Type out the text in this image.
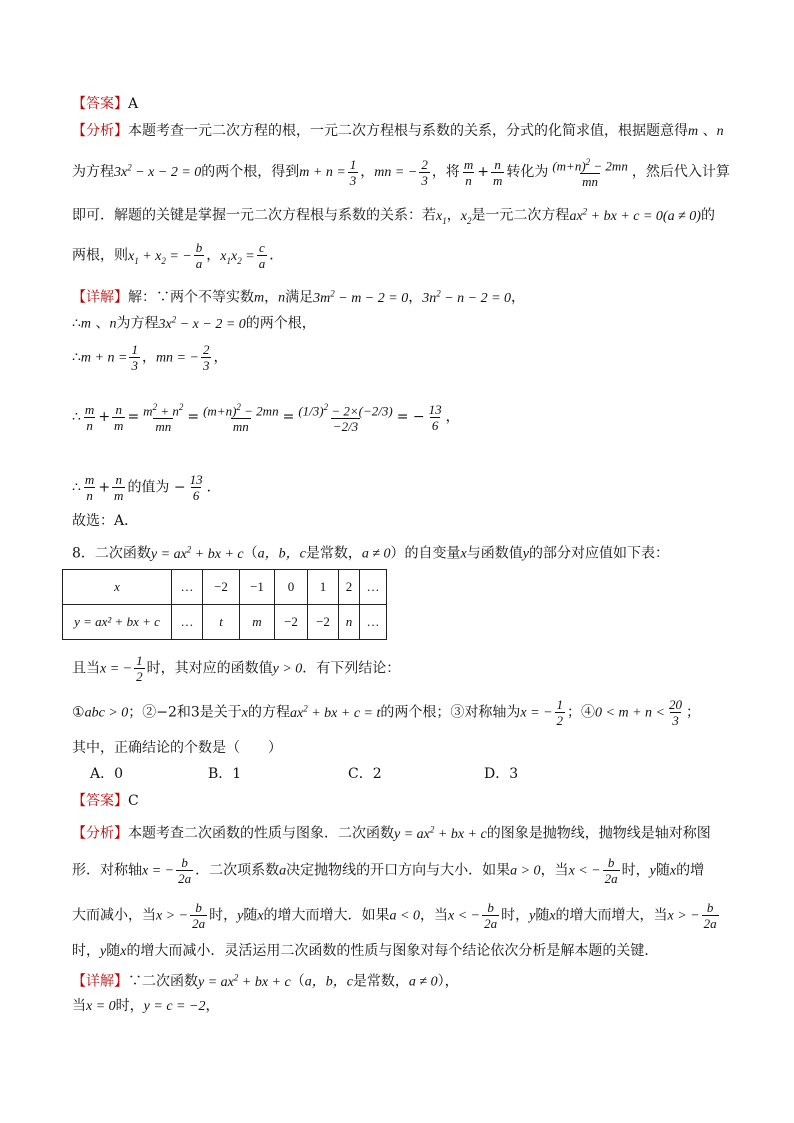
【答案】A
【分析】本题考查一元二次方程的根，一元二次方程根与系数的关系，分式的化简求值，根据题意得m 、n
为方程$3x^2 - x - 2 = 0$的两个根，得到$m + n = \frac{1}{3}$ ，mn = − $\frac{2}{3}$ ，将 $\frac{m}{n} + \frac{n}{m}$ 转化为 $\frac{(m+n)^2 - 2mn}{mn}$ ，然后代入计算
即可．解题的关键是掌握一元二次方程根与系数的关系：若$x_1$，$x_2$是一元二次方程$ax^2$ + bx + c = 0(a ≠ 0)的
两根，则$x_1 + x_2$ = − $\frac{b}{a}$ ，$x_1x_2 = \frac{c}{a}$ ．
【详解】解：∵两个不等实数m，n满足$3m^2 - m - 2 = 0$，$3n^2 - n - 2 = 0$，
∴m 、n为方程$3x^2 - x - 2 = 0$的两个根，
∴m + $n = \frac{1}{3}$ ，mn = − $\frac{2}{3}$ ，
∴ $\frac{m}{n} + \frac{n}{m} = \frac{m^2 + n^2}{mn} = \frac{(m+n)^2 - 2mn}{mn} = \frac{(1/3)^2 - 2\times(-2/3)}{-2/3}$ = − $\frac{13}{6}$ ，
∴ $\frac{m}{n} + \frac{n}{m}$ 的值为 − $\frac{13}{6}$ ．
故选：A．
8．二次函数$y = ax^2$ + bx + c（a，b，c是常数，a ≠ 0）的自变量x与函数值y的部分对应值如下表：
x	…	−2	−1	0	1	2	…
y = ax² + bx + c	…	t	m	−2	−2	n	…
且当x = − $\frac{1}{2}$ 时，其对应的函数值y > 0．有下列结论：
①abc > 0；②−2和3是关于x的方程$ax^2$ + bx + c = t的两个根；③对称轴为x = − $\frac{1}{2}$ ；④0 < $m + n < \frac{20}{3}$ ；
其中，正确结论的个数是（　　）
A．0	B．1	C．2	D．3
【答案】C
【分析】本题考查二次函数的性质与图象．二次函数$y = ax^2$ + bx + c的图象是抛物线，抛物线是轴对称图
形．对称轴x = − $\frac{b}{2a}$ ．二次项系数a决定抛物线的开口方向与大小．如果a > 0，当x < − $\frac{b}{2a}$ 时，y随x的增
大而减小，当x > − $\frac{b}{2a}$ 时，y随x的增大而增大．如果a < 0，当x < − $\frac{b}{2a}$ 时，y随x的增大而增大，当x > − $\frac{b}{2a}$
时，y随x的增大而减小．灵活运用二次函数的性质与图象对每个结论依次分析是解本题的关键．
【详解】∵二次函数$y = ax^2$ + bx + c（a，b，c是常数，a ≠ 0），
当x = 0时，y = c = −2，
